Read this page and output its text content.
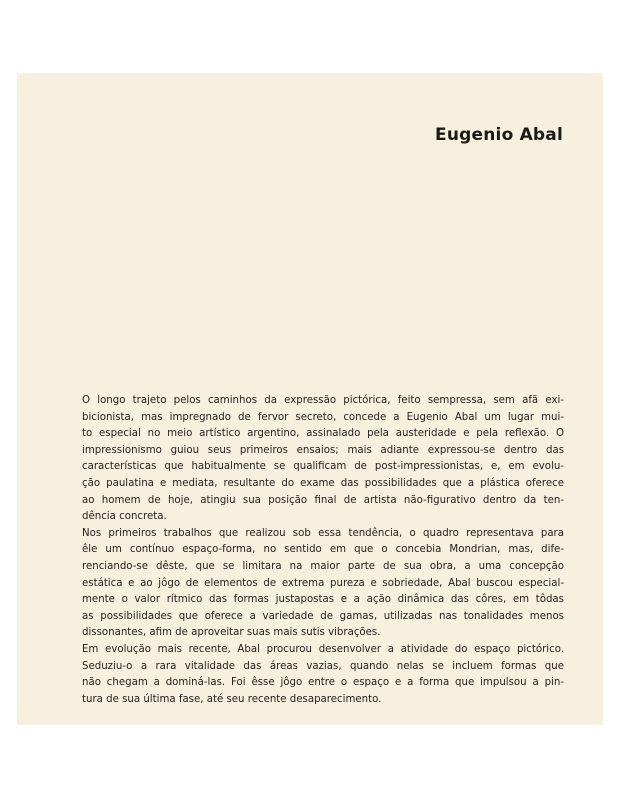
Eugenio Abal
O longo trajeto pelos caminhos da expressão pictórica, feito sempressa, sem afã exi-
bicionista, mas impregnado de fervor secreto, concede a Eugenio Abal um lugar mui-
to especial no meio artístico argentino, assinalado pela austeridade e pela reflexão. O
impressionismo guiou seus primeiros ensaios; mais adiante expressou-se dentro das
características que habitualmente se qualificam de post-impressionistas, e, em evolu-
ção paulatina e mediata, resultante do exame das possibilidades que a plástica oferece
ao homem de hoje, atingiu sua posição final de artista não-figurativo dentro da ten-
dência concreta.
Nos primeiros trabalhos que realizou sob essa tendência, o quadro representava para
êle um contínuo espaço-forma, no sentido em que o concebia Mondrian, mas, dife-
renciando-se dêste, que se limitara na maior parte de sua obra, a uma concepção
estática e ao jôgo de elementos de extrema pureza e sobriedade, Abal buscou especial-
mente o valor rítmico das formas justapostas e a ação dinâmica das côres, em tôdas
as possibilidades que oferece a variedade de gamas, utilizadas nas tonalidades menos
dissonantes, afim de aproveitar suas mais sutis vibrações.
Em evolução mais recente, Abal procurou desenvolver a atividade do espaço pictórico.
Seduziu-o a rara vitalidade das áreas vazias, quando nelas se incluem formas que
não chegam a dominá-las. Foi êsse jôgo entre o espaço e a forma que impulsou a pin-
tura de sua última fase, até seu recente desaparecimento.
